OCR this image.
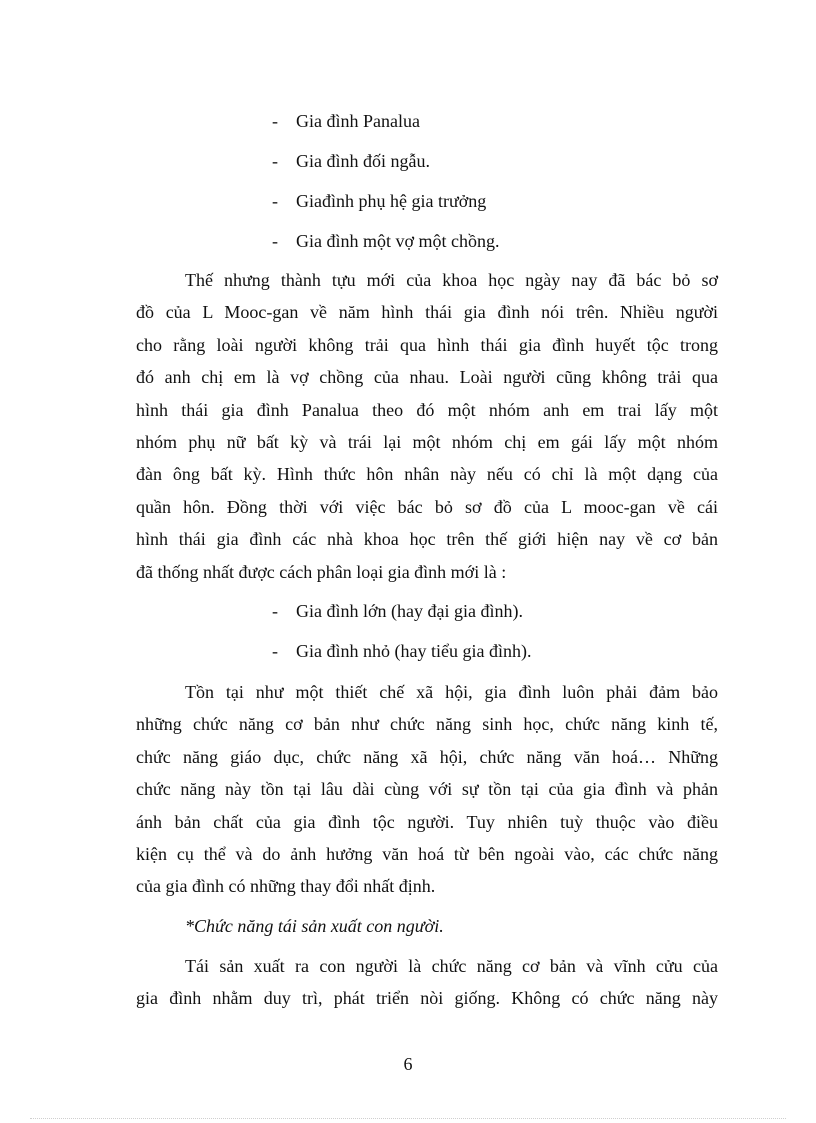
- Gia đình Panalua
- Gia đình đối ngẫu.
- Giađình phụ hệ gia trưởng
- Gia đình một vợ một chồng.

Thế nhưng thành tựu mới của khoa học ngày nay đã bác bỏ sơ
đồ của L Mooc-gan về năm hình thái gia đình nói trên. Nhiều người
cho rằng loài người không trải qua hình thái gia đình huyết tộc trong
đó anh chị em là vợ chồng của nhau. Loài người cũng không trải qua
hình thái gia đình Panalua theo đó một nhóm anh em trai lấy một
nhóm phụ nữ bất kỳ và trái lại một nhóm chị em gái lấy một nhóm
đàn ông bất kỳ. Hình thức hôn nhân này nếu có chỉ là một dạng của
quần hôn. Đồng thời với việc bác bỏ sơ đồ của L mooc-gan về cái
hình thái gia đình các nhà khoa học trên thế giới hiện nay về cơ bản
đã thống nhất được cách phân loại gia đình mới là :

- Gia đình lớn (hay đại gia đình).
- Gia đình nhỏ (hay tiểu gia đình).

Tồn tại như một thiết chế xã hội, gia đình luôn phải đảm bảo
những chức năng cơ bản như chức năng sinh học, chức năng kinh tế,
chức năng giáo dục, chức năng xã hội, chức năng văn hoá… Những
chức năng này tồn tại lâu dài cùng với sự tồn tại của gia đình và phản
ánh bản chất của gia đình tộc người. Tuy nhiên tuỳ thuộc vào điều
kiện cụ thể và do ảnh hưởng văn hoá từ bên ngoài vào, các chức năng
của gia đình có những thay đổi nhất định.

*Chức năng tái sản xuất con người.

Tái sản xuất ra con người là chức năng cơ bản và vĩnh cửu của
gia đình nhằm duy trì, phát triển nòi giống. Không có chức năng này

6
